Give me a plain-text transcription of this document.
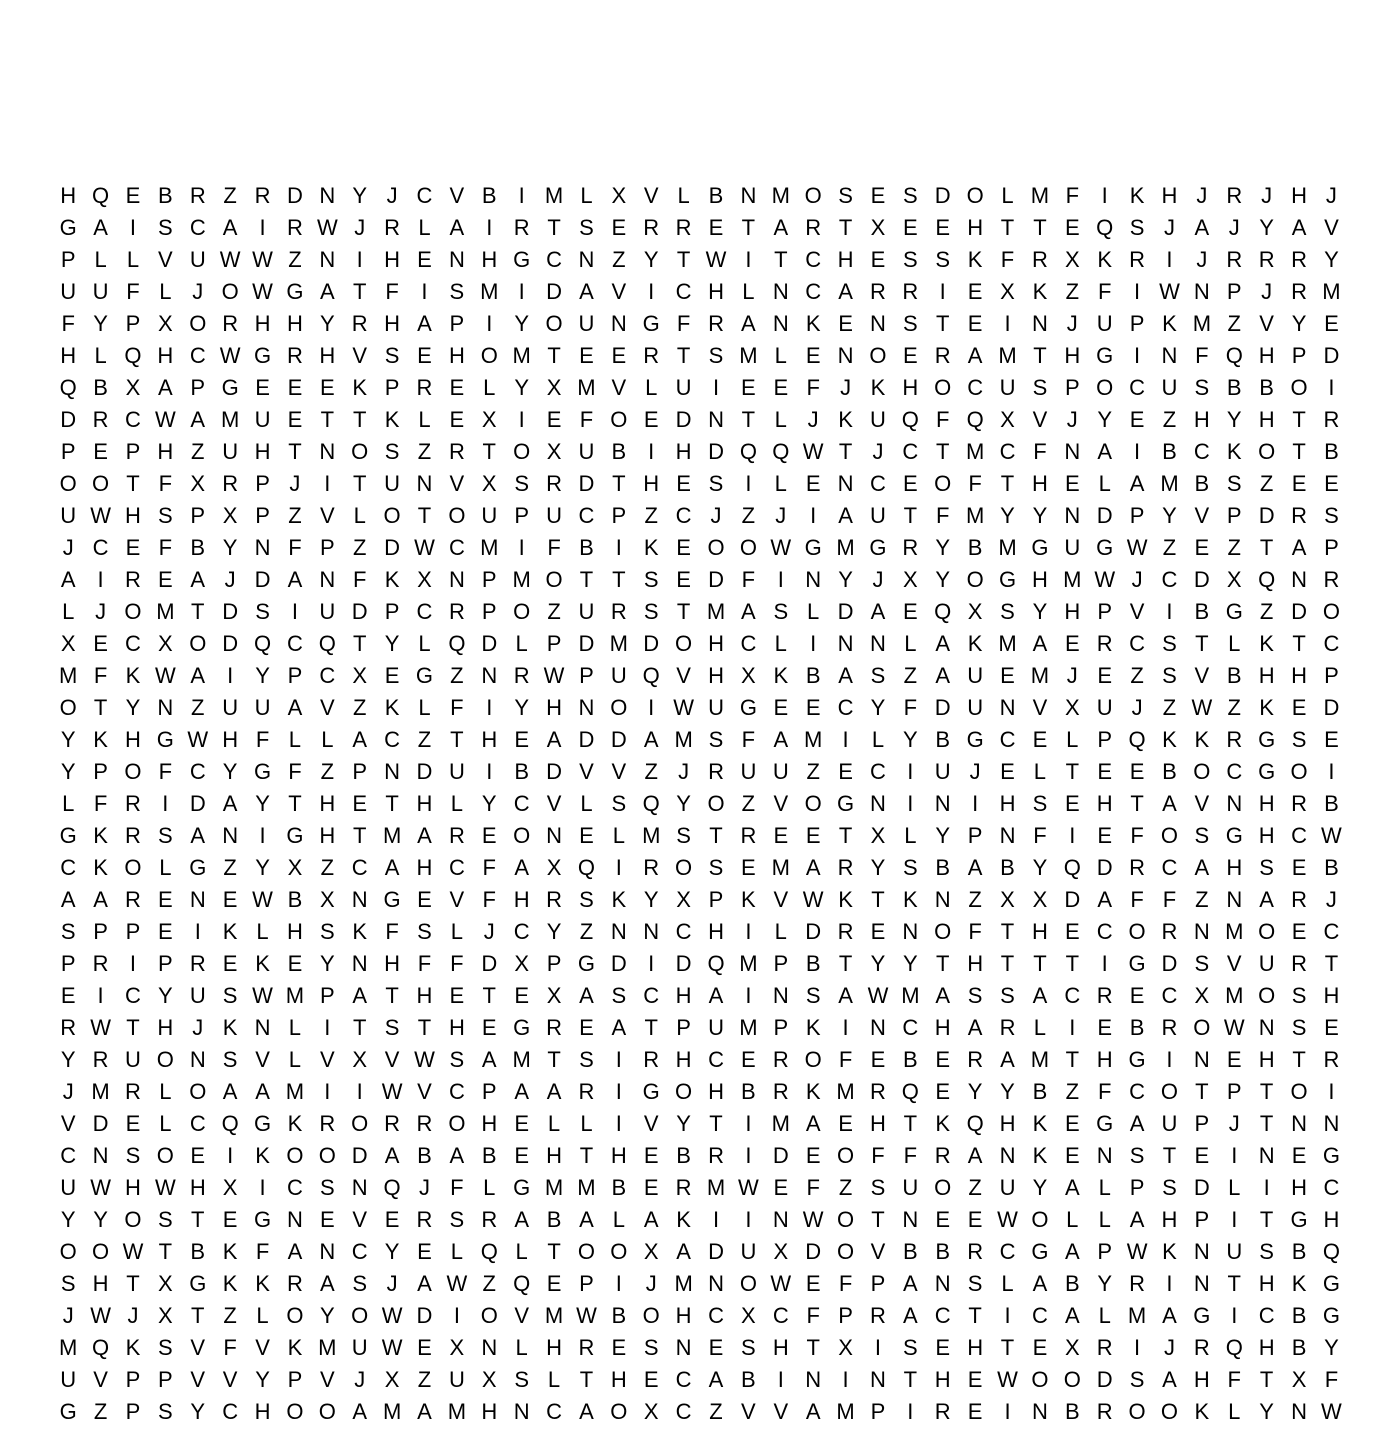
H Q E B R Z R D N Y J C V B I M L X V L B N M O S E S D O L M F	I K H J R J H J
G A I S C A I R W J R L A I R T S E R R E T A R T X E E H T T E Q S J A J Y A V
P L L V U W W Z N I H E N H G C N Z Y T W I	T C H E S S K F R X K R I	J R R R Y
U U F L J O W G A T F	I S M I D A V I C H L N C A R R I E X K Z F	I W N P J R M
F Y P X O R H H Y R H A P I Y O U N G F R A N K E N S T E I N J U P K M Z V Y E
H L Q H C W G R H V S E H O M T E E R T S M L E N O E R A M T H G I N F Q H P D
Q B X A P G E E E K P R E L Y X M V L U I E E F J K H O C U S P O C U S B B O I
D R C W A M U E T T K L E X I E F O E D N T L J K U Q F Q X V J Y E Z H Y H T R
P E P H Z U H T N O S Z R T O X U B I H D Q Q W T J C T M C F N A I B C K O T B
O O T F X R P J	I	T U N V X S R D T H E S I	L E N C E O F T H E L A M B S Z E E
U W H S P X P Z V L O T O U P U C P Z C J Z J	I A U T F M Y Y N D P Y V P D R S
J C E F B Y N F P Z D W C M I	F B I K E O O W G M G R Y B M G U G W Z E Z T A P
A I R E A J D A N F K X N P M O T T S E D F	I N Y J X Y O G H M W J C D X Q N R
L J O M T D S I U D P C R P O Z U R S T M A S L D A E Q X S Y H P V I B G Z D O
X E C X O D Q C Q T Y L Q D L P D M D O H C L	I N N L A K M A E R C S T L K T C
M F K W A I Y P C X E G Z N R W P U Q V H X K B A S Z A U E M J E Z S V B H H P
O T Y N Z U U A V Z K L F	I Y H N O I W U G E E C Y F D U N V X U J Z W Z K E D
Y K H G W H F L L A C Z T H E A D D A M S F A M I	L Y B G C E L P Q K K R G S E
Y P O F C Y G F Z P N D U I B D V V Z J R U U Z E C I U J E L T E E B O C G O I
L F R I D A Y T H E T H L Y C V L S Q Y O Z V O G N I N I H S E H T A V N H R B
G K R S A N I G H T M A R E O N E L M S T R E E T X L Y P N F	I E F O S G H C W
C K O L G Z Y X Z C A H C F A X Q I R O S E M A R Y S B A B Y Q D R C A H S E B
A A R E N E W B X N G E V F H R S K Y X P K V W K T K N Z X X D A F F Z N A R J
S P P E I K L H S K F S L J C Y Z N N C H I	L D R E N O F T H E C O R N M O E C
P R I P R E K E Y N H F F D X P G D I D Q M P B T Y Y T H T T T	I G D S V U R T
E I C Y U S W M P A T H E T E X A S C H A I N S A W M A S S A C R E C X M O S H
R W T H J K N L	I	T S T H E G R E A T P U M P K I N C H A R L	I E B R O W N S E
Y R U O N S V L V X V W S A M T S I R H C E R O F E B E R A M T H G I N E H T R
J M R L O A A M I	I W V C P A A R I G O H B R K M R Q E Y Y B Z F C O T P T O I
V D E L C Q G K R O R R O H E L L	I V Y T	I M A E H T K Q H K E G A U P J T N N
C N S O E I K O O D A B A B E H T H E B R I D E O F F R A N K E N S T E I N E G
U W H W H X I C S N Q J F L G M M B E R M W E F Z S U O Z U Y A L P S D L	I H C
Y Y O S T E G N E V E R S R A B A L A K I	I N W O T N E E W O L L A H P I	T G H
O O W T B K F A N C Y E L Q L T O O X A D U X D O V B B R C G A P W K N U S B Q
S H T X G K K R A S J A W Z Q E P I	J M N O W E F P A N S L A B Y R I N T H K G
J W J X T Z L O Y O W D I O V M W B O H C X C F P R A C T	I C A L M A G I C B G
M Q K S V F V K M U W E X N L H R E S N E S H T X I S E H T E X R I	J R Q H B Y
U V P P V V Y P V J X Z U X S L T H E C A B I N I N T H E W O O D S A H F T X F
G Z P S Y C H O O A M A M H N C A O X C Z V V A M P I R E I N B R O O K L Y N W
